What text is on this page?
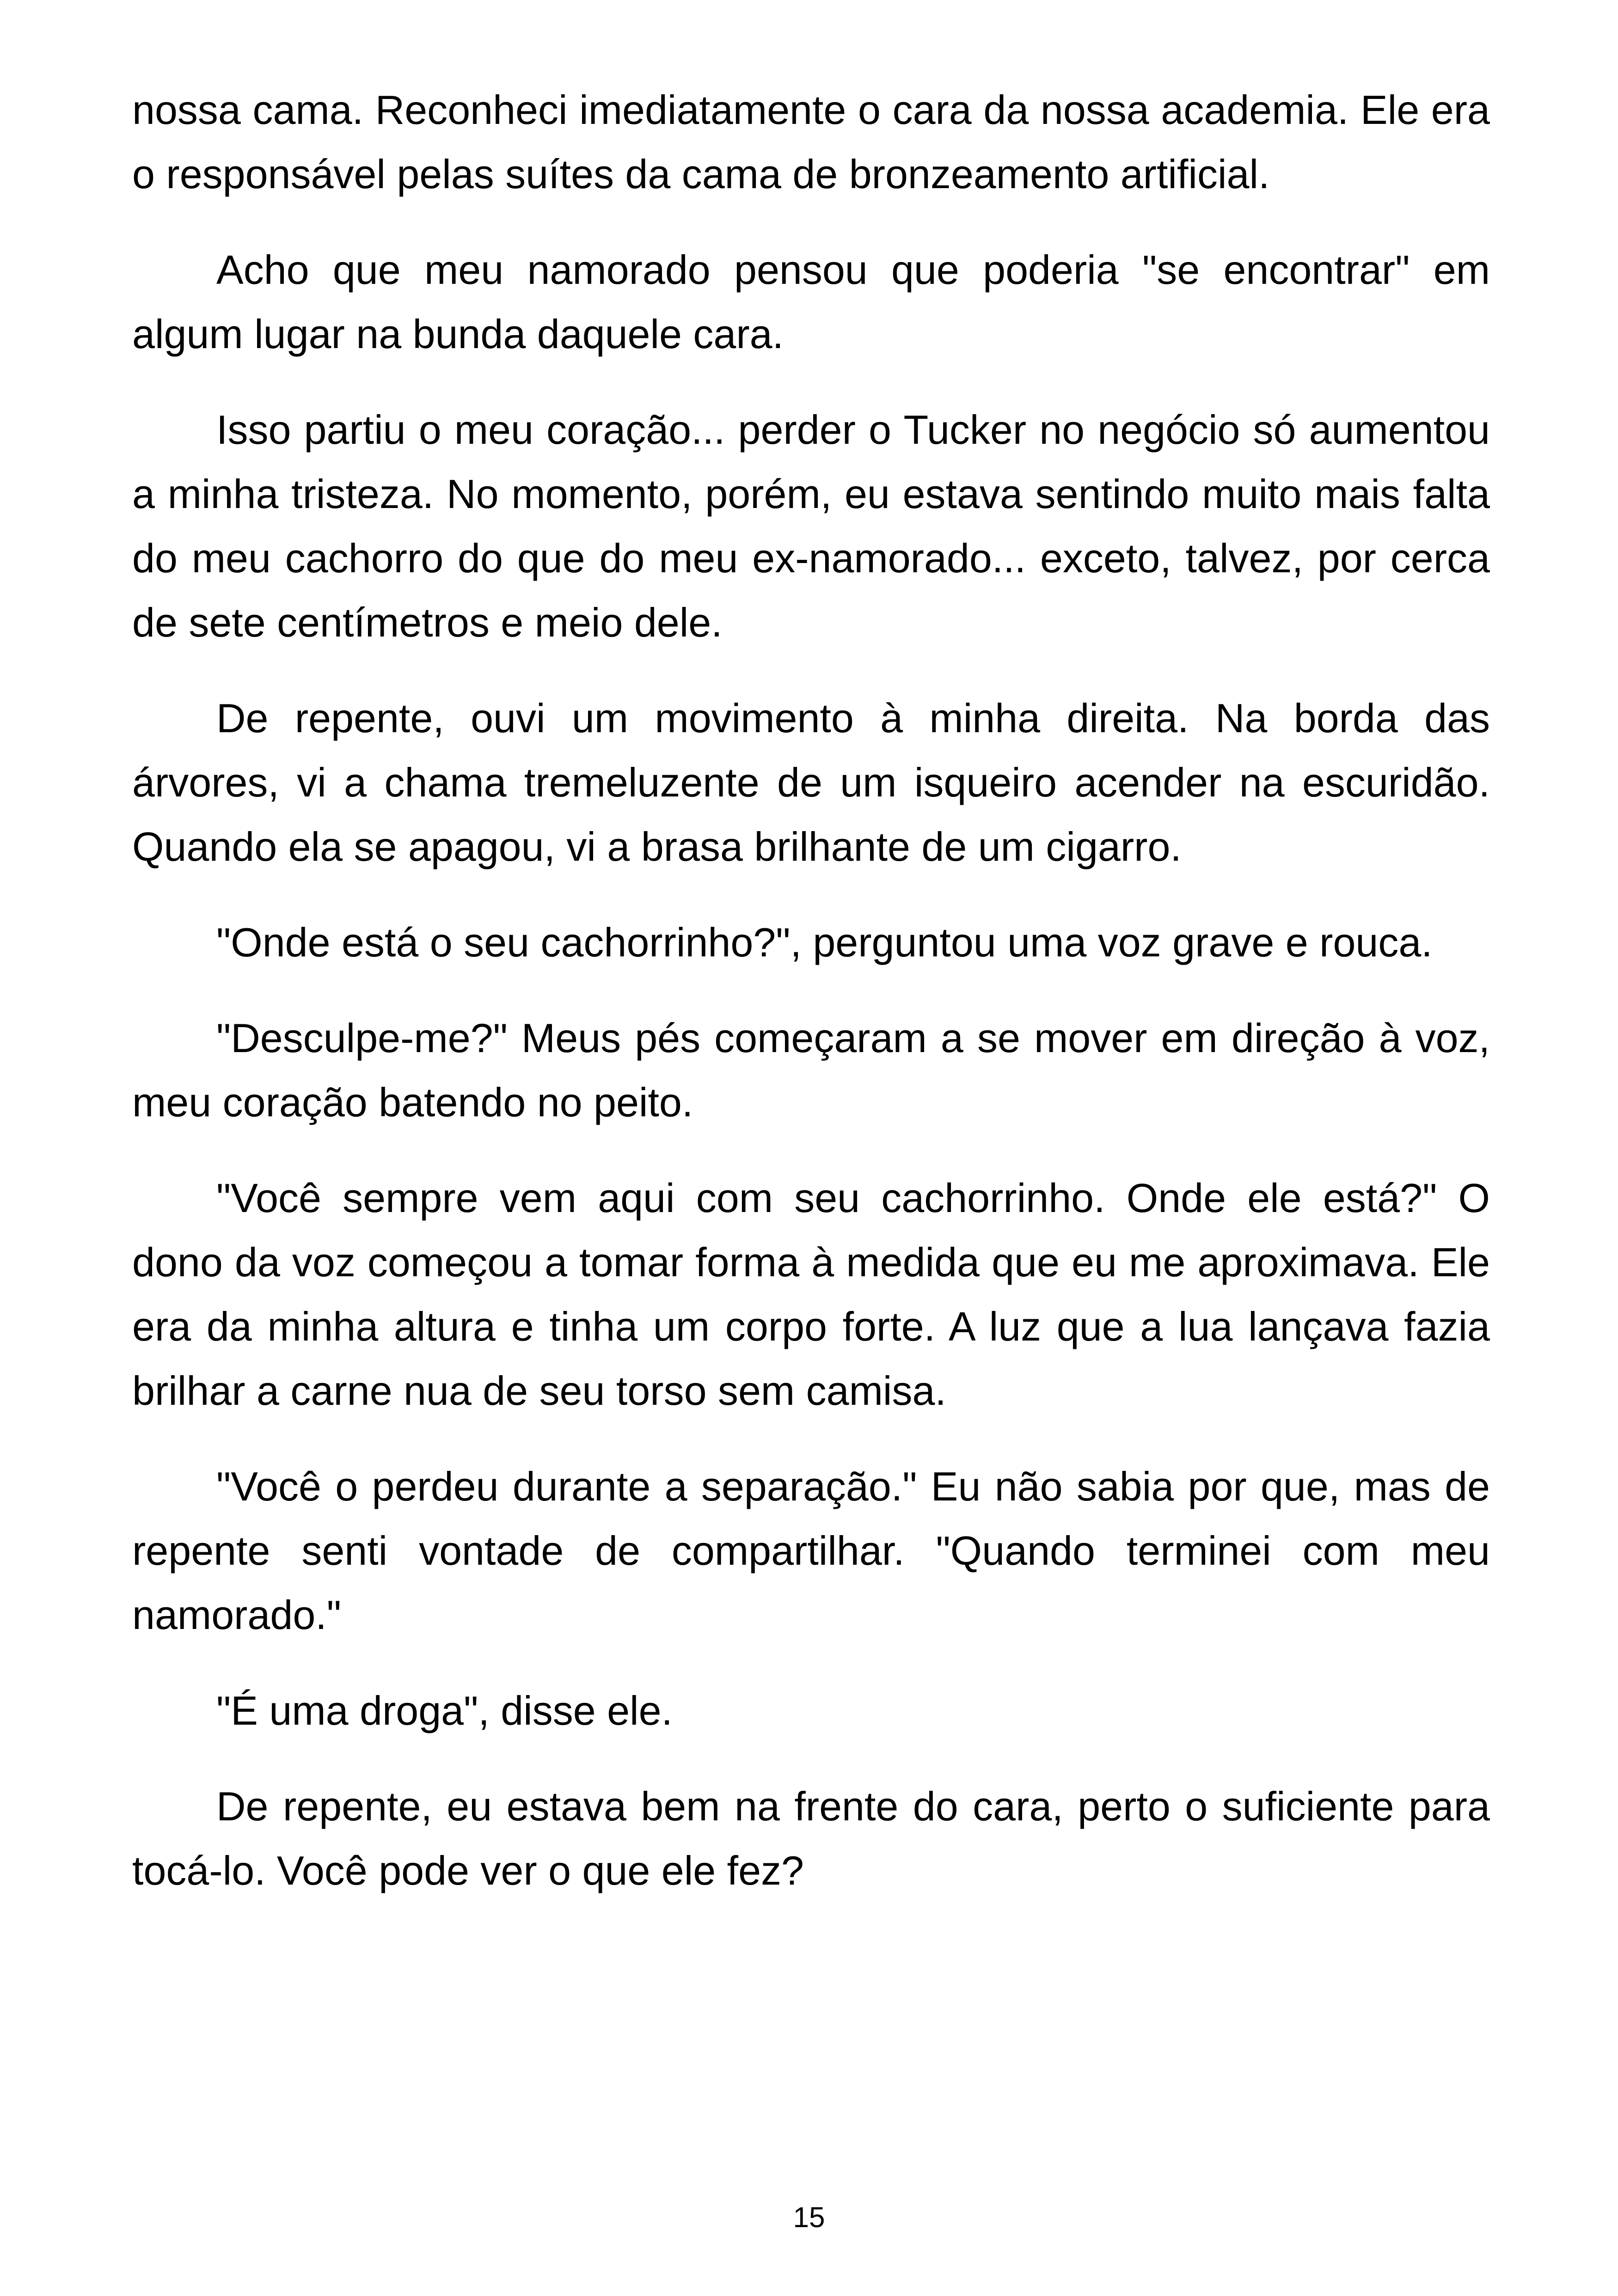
nossa cama. Reconheci imediatamente o cara da nossa academia. Ele era o responsável pelas suítes da cama de bronzeamento artificial.

Acho que meu namorado pensou que poderia "se encontrar" em algum lugar na bunda daquele cara.

Isso partiu o meu coração... perder o Tucker no negócio só aumentou a minha tristeza. No momento, porém, eu estava sentindo muito mais falta do meu cachorro do que do meu ex-namorado... exceto, talvez, por cerca de sete centímetros e meio dele.

De repente, ouvi um movimento à minha direita. Na borda das árvores, vi a chama tremeluzente de um isqueiro acender na escuridão. Quando ela se apagou, vi a brasa brilhante de um cigarro.

"Onde está o seu cachorrinho?", perguntou uma voz grave e rouca.

"Desculpe-me?" Meus pés começaram a se mover em direção à voz, meu coração batendo no peito.

"Você sempre vem aqui com seu cachorrinho. Onde ele está?" O dono da voz começou a tomar forma à medida que eu me aproximava. Ele era da minha altura e tinha um corpo forte. A luz que a lua lançava fazia brilhar a carne nua de seu torso sem camisa.

"Você o perdeu durante a separação." Eu não sabia por que, mas de repente senti vontade de compartilhar. "Quando terminei com meu namorado."

"É uma droga", disse ele.

De repente, eu estava bem na frente do cara, perto o suficiente para tocá-lo. Você pode ver o que ele fez?

15
